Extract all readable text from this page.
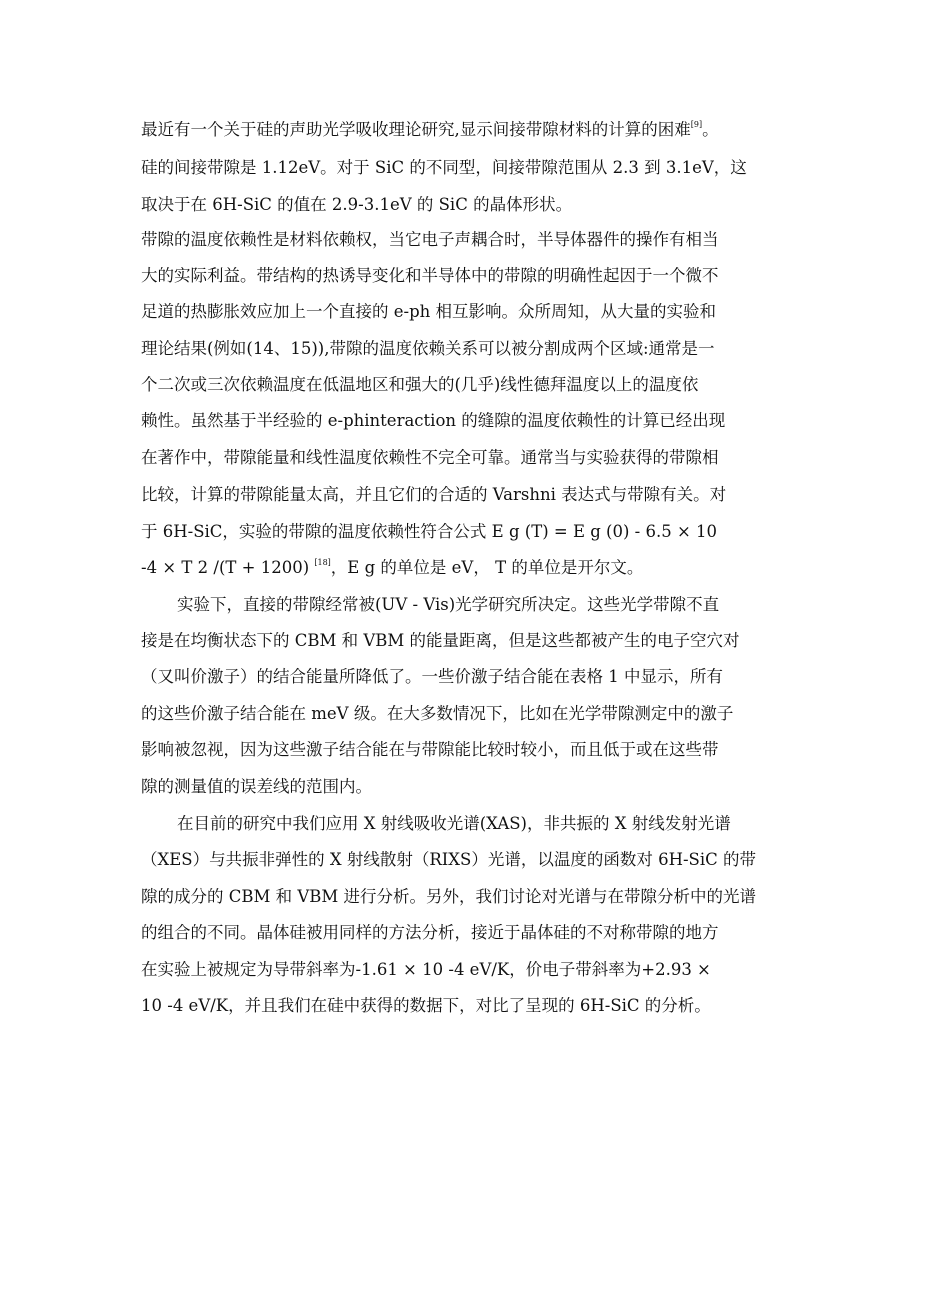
最近有一个关于硅的声助光学吸收理论研究,显示间接带隙材料的计算的困难[9]。
硅的间接带隙是 1.12eV。对于 SiC 的不同型，间接带隙范围从 2.3 到 3.1eV，这
取决于在 6H-SiC 的值在 2.9-3.1eV 的 SiC 的晶体形状。
带隙的温度依赖性是材料依赖权，当它电子声耦合时，半导体器件的操作有相当
大的实际利益。带结构的热诱导变化和半导体中的带隙的明确性起因于一个微不
足道的热膨胀效应加上一个直接的 e-ph 相互影响。众所周知，从大量的实验和
理论结果(例如(14、15)),带隙的温度依赖关系可以被分割成两个区域:通常是一
个二次或三次依赖温度在低温地区和强大的(几乎)线性德拜温度以上的温度依
赖性。虽然基于半经验的 e-phinteraction 的缝隙的温度依赖性的计算已经出现
在著作中，带隙能量和线性温度依赖性不完全可靠。通常当与实验获得的带隙相
比较，计算的带隙能量太高，并且它们的合适的 Varshni 表达式与带隙有关。对
于 6H-SiC，实验的带隙的温度依赖性符合公式 E g (T) = E g (0) - 6.5 × 10
-4 × T 2 /(T + 1200) [18]，E g 的单位是 eV， T 的单位是开尔文。
实验下，直接的带隙经常被(UV - Vis)光学研究所决定。这些光学带隙不直
接是在均衡状态下的 CBM 和 VBM 的能量距离，但是这些都被产生的电子空穴对
（又叫价激子）的结合能量所降低了。一些价激子结合能在表格 1 中显示，所有
的这些价激子结合能在 meV 级。在大多数情况下，比如在光学带隙测定中的激子
影响被忽视，因为这些激子结合能在与带隙能比较时较小，而且低于或在这些带
隙的测量值的误差线的范围内。
在目前的研究中我们应用 X 射线吸收光谱(XAS)，非共振的 X 射线发射光谱
（XES）与共振非弹性的 X 射线散射（RIXS）光谱，以温度的函数对 6H-SiC 的带
隙的成分的 CBM 和 VBM 进行分析。另外，我们讨论对光谱与在带隙分析中的光谱
的组合的不同。晶体硅被用同样的方法分析，接近于晶体硅的不对称带隙的地方
在实验上被规定为导带斜率为-1.61 × 10 -4 eV/K，价电子带斜率为+2.93 ×
10 -4 eV/K，并且我们在硅中获得的数据下，对比了呈现的 6H-SiC 的分析。
